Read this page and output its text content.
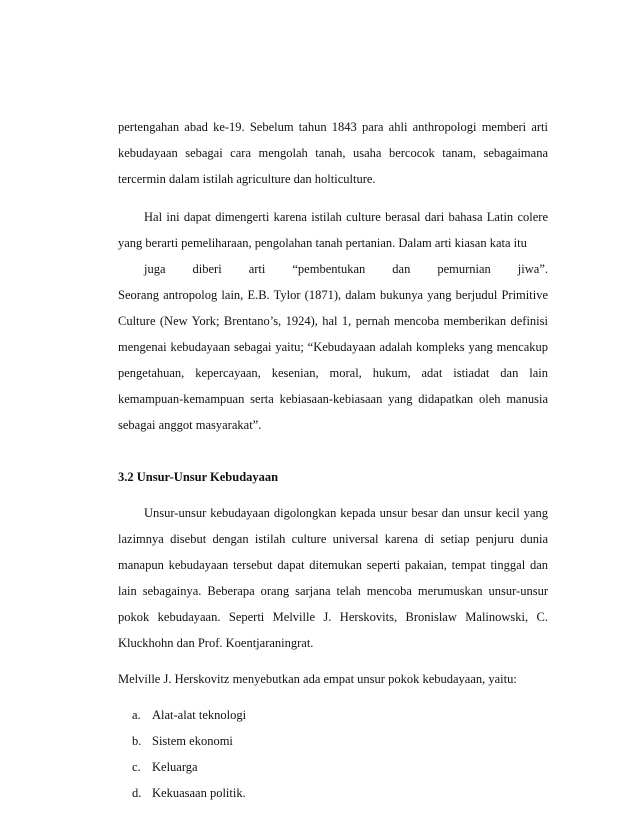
pertengahan abad ke-19. Sebelum tahun 1843 para ahli anthropologi memberi arti kebudayaan sebagai cara mengolah tanah, usaha bercocok tanam, sebagaimana tercermin dalam istilah agriculture dan holticulture.

Hal ini dapat dimengerti karena istilah culture berasal dari bahasa Latin colere yang berarti pemeliharaan, pengolahan tanah pertanian. Dalam arti kiasan kata itu
juga diberi arti “pembentukan dan pemurnian jiwa”.
Seorang antropolog lain, E.B. Tylor (1871), dalam bukunya yang berjudul Primitive Culture (New York; Brentano’s, 1924), hal 1, pernah mencoba memberikan definisi mengenai kebudayaan sebagai yaitu; “Kebudayaan adalah kompleks yang mencakup pengetahuan, kepercayaan, kesenian, moral, hukum, adat istiadat dan lain kemampuan-kemampuan serta kebiasaan-kebiasaan yang didapatkan oleh manusia sebagai anggot masyarakat”.

3.2 Unsur-Unsur Kebudayaan

Unsur-unsur kebudayaan digolongkan kepada unsur besar dan unsur kecil yang lazimnya disebut dengan istilah culture universal karena di setiap penjuru dunia manapun kebudayaan tersebut dapat ditemukan seperti pakaian, tempat tinggal dan lain sebagainya. Beberapa orang sarjana telah mencoba merumuskan unsur-unsur pokok kebudayaan. Seperti Melville J. Herskovits, Bronislaw Malinowski, C. Kluckhohn dan Prof. Koentjaraningrat.

Melville J. Herskovitz menyebutkan ada empat unsur pokok kebudayaan, yaitu:

a. Alat-alat teknologi
b. Sistem ekonomi
c. Keluarga
d. Kekuasaan politik.
